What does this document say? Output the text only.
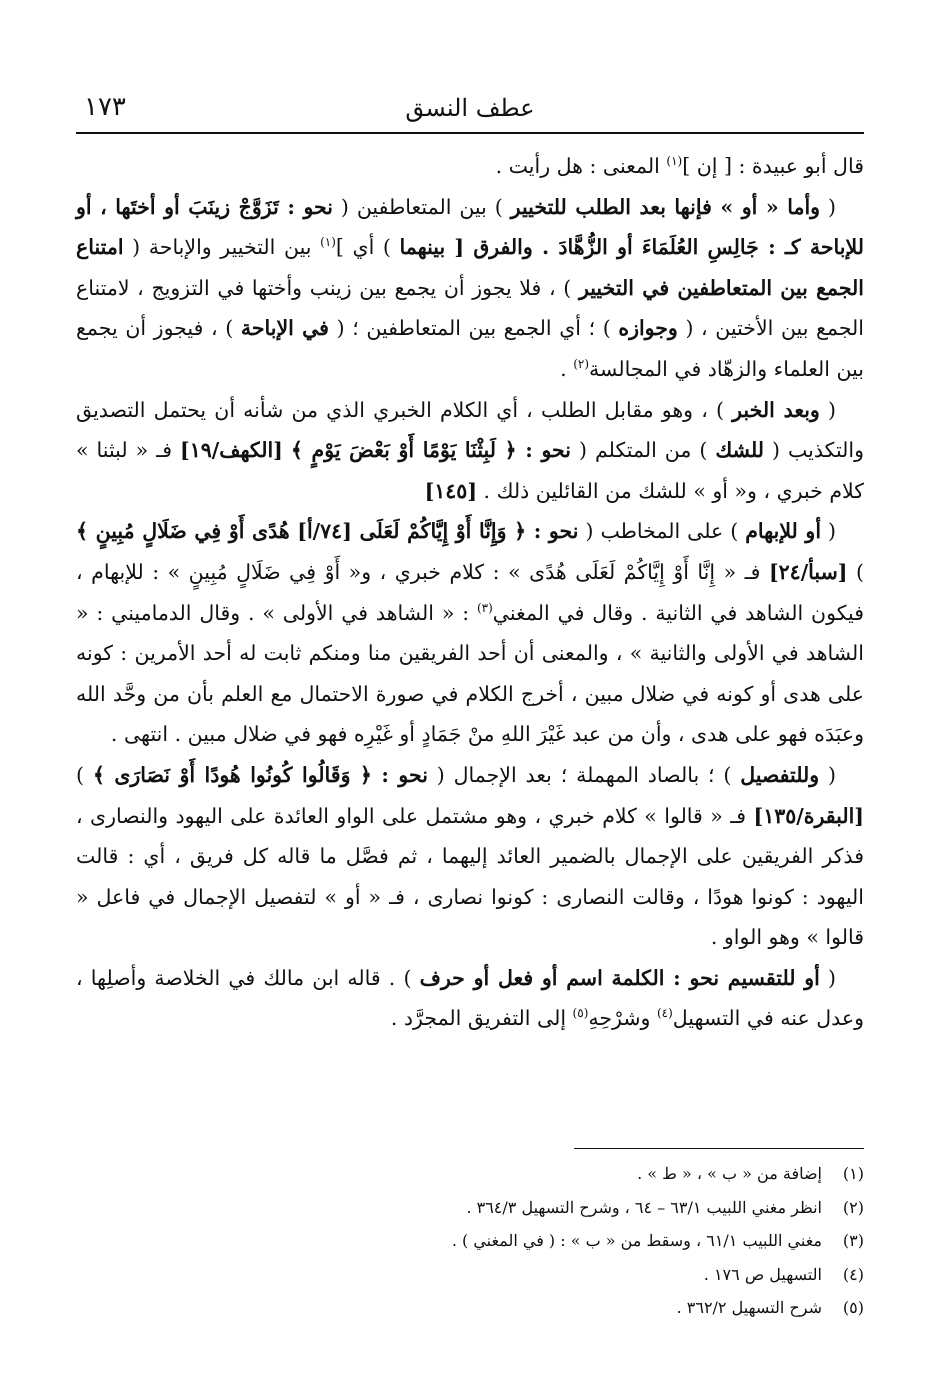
عطف النسق
١٧٣

قال أبو عبيدة : [ إن ]$^{(١)}$ المعنى : هل رأيت .

( وأما « أو » فإنها بعد الطلب للتخيير ) بين المتعاطفين ( نحو : تَزَوَّجْ زينَبَ أو أختَها ، أو للإباحة كـ : جَالِسِ العُلَمَاءَ أو الزُّهَّادَ . والفرق [ بينهما ) أي ]$^{(١)}$ بين التخيير والإباحة ( امتناع الجمع بين المتعاطفين في التخيير ) ، فلا يجوز أن يجمع بين زينب وأختها في التزويج ، لامتناع الجمع بين الأختين ، ( وجوازه ) ؛ أي الجمع بين المتعاطفين ؛ ( في الإباحة ) ، فيجوز أن يجمع بين العلماء والزهّاد في المجالسة$^{(٢)}$ .

( وبعد الخبر ) ، وهو مقابل الطلب ، أي الكلام الخبري الذي من شأنه أن يحتمل التصديق والتكذيب ( للشك ) من المتكلم ( نحو : ﴿ لَبِثْنَا يَوْمًا أَوْ بَعْضَ يَوْمٍ ﴾ [الكهف/١٩] فـ « لبثنا » كلام خبري ، و« أو » للشك من القائلين ذلك . [١٤٥]

( أو للإبهام ) على المخاطب ( نحو : ﴿ وَإِنَّا أَوْ إِيَّاكُمْ لَعَلَى [٧٤/أ] هُدًى أَوْ فِي ضَلَالٍ مُبِينٍ ﴾ ) [سبأ/٢٤] فـ « إِنَّا أَوْ إِيَّاكُمْ لَعَلَى هُدًى » : كلام خبري ، و« أَوْ فِي ضَلَالٍ مُبِينٍ » : للإبهام ، فيكون الشاهد في الثانية . وقال في المغني$^{(٣)}$ : « الشاهد في الأولى » . وقال الدماميني : « الشاهد في الأولى والثانية » ، والمعنى أن أحد الفريقين منا ومنكم ثابت له أحد الأمرين : كونه على هدى أو كونه في ضلال مبين ، أخرج الكلام في صورة الاحتمال مع العلم بأن من وحَّد الله وعبَدَه فهو على هدى ، وأن من عبد غَيْرَ اللهِ منْ جَمَادٍ أو غَيْرِه فهو في ضلال مبين . انتهى .

( وللتفصيل ) ؛ بالصاد المهملة ؛ بعد الإجمال ( نحو : ﴿ وَقَالُوا كُونُوا هُودًا أَوْ نَصَارَى ﴾ ) [البقرة/١٣٥] فـ « قالوا » كلام خبري ، وهو مشتمل على الواو العائدة على اليهود والنصارى ، فذكر الفريقين على الإجمال بالضمير العائد إليهما ، ثم فصَّل ما قاله كل فريق ، أي : قالت اليهود : كونوا هودًا ، وقالت النصارى : كونوا نصارى ، فـ « أو » لتفصيل الإجمال في فاعل « قالوا » وهو الواو .

( أو للتقسيم نحو : الكلمة اسم أو فعل أو حرف ) . قاله ابن مالك في الخلاصة وأصلِها ، وعدل عنه في التسهيل$^{(٤)}$ وشرْحِهِ$^{(٥)}$ إلى التفريق المجرَّد .

(١)
إضافة من « ب » ، « ط » .
(٢)
انظر مغني اللبيب ٦٣/١ – ٦٤ ، وشرح التسهيل ٣٦٤/٣ .
(٣)
مغني اللبيب ٦١/١ ، وسقط من « ب » : ( في المغني ) .
(٤)
التسهيل ص ١٧٦ .
(٥)
شرح التسهيل ٣٦٢/٢ .
